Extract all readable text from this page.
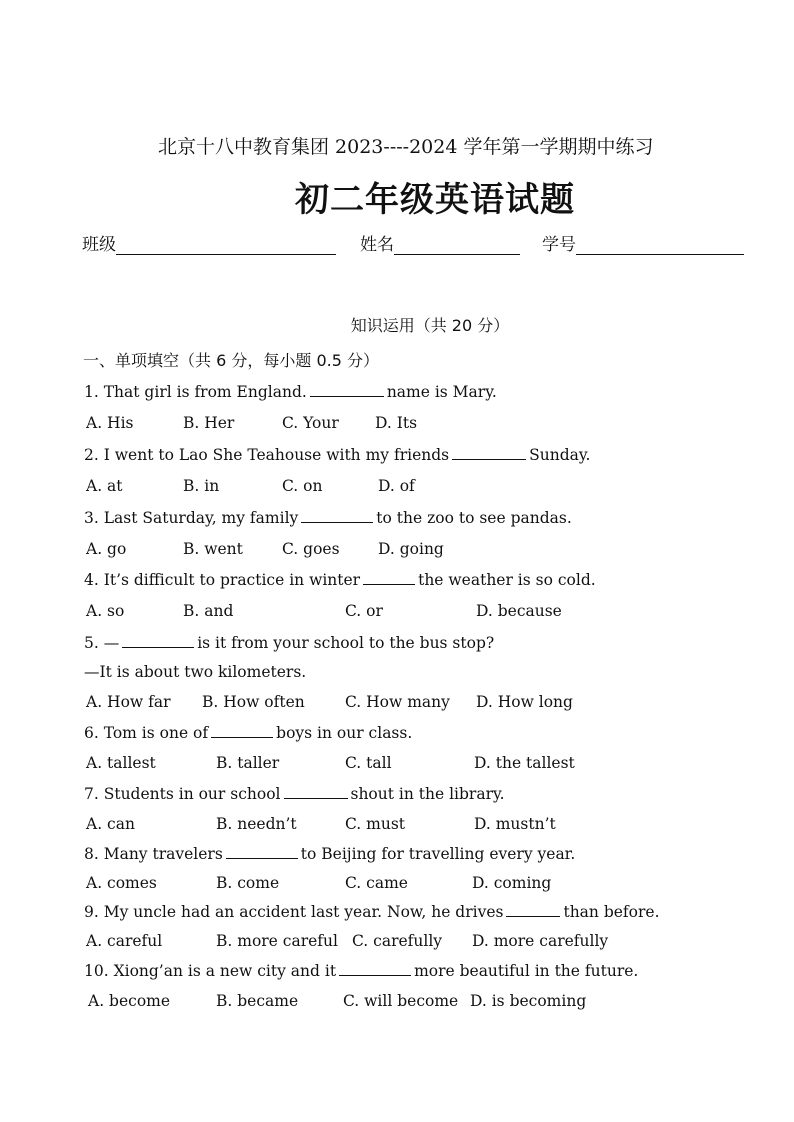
北京十八中教育集团 2023----2024 学年第一学期期中练习
初二年级英语试题
班级	姓名	学号
知识运用（共 20 分）
一、单项填空（共 6 分，每小题 0.5 分）
1. That girl is from England.	name is Mary.
A. His	B. Her	C. Your D. Its
2. I went to Lao She Teahouse with my friends	Sunday.
A. at	B. in	C. on	D. of
3. Last Saturday, my family	to the zoo to see pandas.
A. go	B. went	C. goes D. going
4. It’s difficult to practice in winter	the weather is so cold.
A. so	B. and	C. or	D. because
5. —	is it from your school to the bus stop?
—It is about two kilometers.
A. How far B. How often	C. How many D. How long
6. Tom is one of	boys in our class.
A. tallest	B. taller	C. tall	D. the tallest
7. Students in our school	shout in the library.
A. can	B. needn’t	C. must	D. mustn’t
8. Many travelers	to Beijing for travelling every year.
A. comes	B. come	C. came	D. coming
9. My uncle had an accident last year. Now, he drives	than before.
A. careful	B. more careful C. carefully D. more carefully
10. Xiong’an is a new city and it	more beautiful in the future.
A. become	B. became	C. will become D. is becoming
